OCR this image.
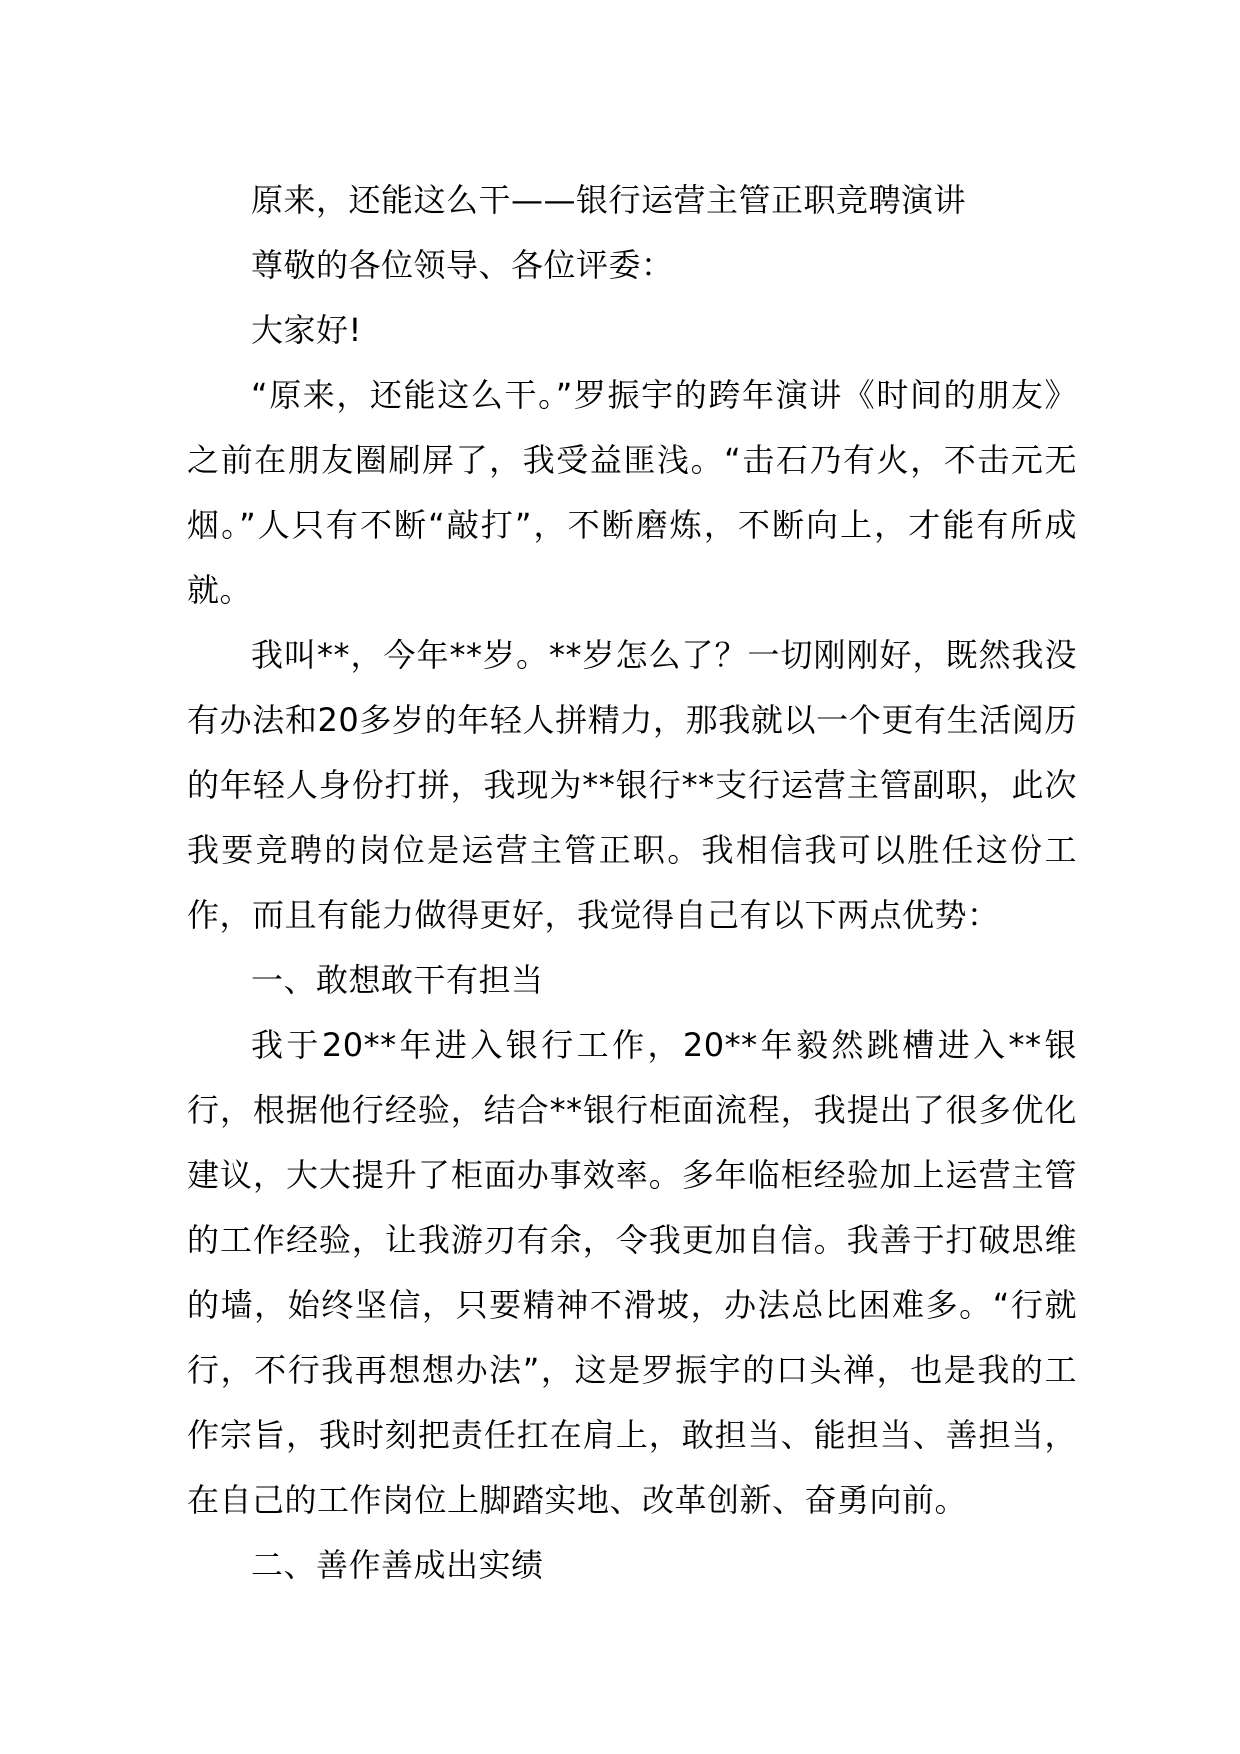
原来，还能这么干——银行运营主管正职竞聘演讲

尊敬的各位领导、各位评委：

大家好!

“原来，还能这么干。”罗振宇的跨年演讲《时间的朋友》之前在朋友圈刷屏了，我受益匪浅。“击石乃有火，不击元无烟。”人只有不断“敲打”，不断磨炼，不断向上，才能有所成就。

我叫**，今年**岁。**岁怎么了？一切刚刚好，既然我没有办法和20多岁的年轻人拼精力，那我就以一个更有生活阅历的年轻人身份打拼，我现为**银行**支行运营主管副职，此次我要竞聘的岗位是运营主管正职。我相信我可以胜任这份工作，而且有能力做得更好，我觉得自己有以下两点优势：

一、敢想敢干有担当

我于20**年进入银行工作，20**年毅然跳槽进入**银行，根据他行经验，结合**银行柜面流程，我提出了很多优化建议，大大提升了柜面办事效率。多年临柜经验加上运营主管的工作经验，让我游刃有余，令我更加自信。我善于打破思维的墙，始终坚信，只要精神不滑坡，办法总比困难多。“行就行，不行我再想想办法”，这是罗振宇的口头禅，也是我的工作宗旨，我时刻把责任扛在肩上，敢担当、能担当、善担当，在自己的工作岗位上脚踏实地、改革创新、奋勇向前。

二、善作善成出实绩
